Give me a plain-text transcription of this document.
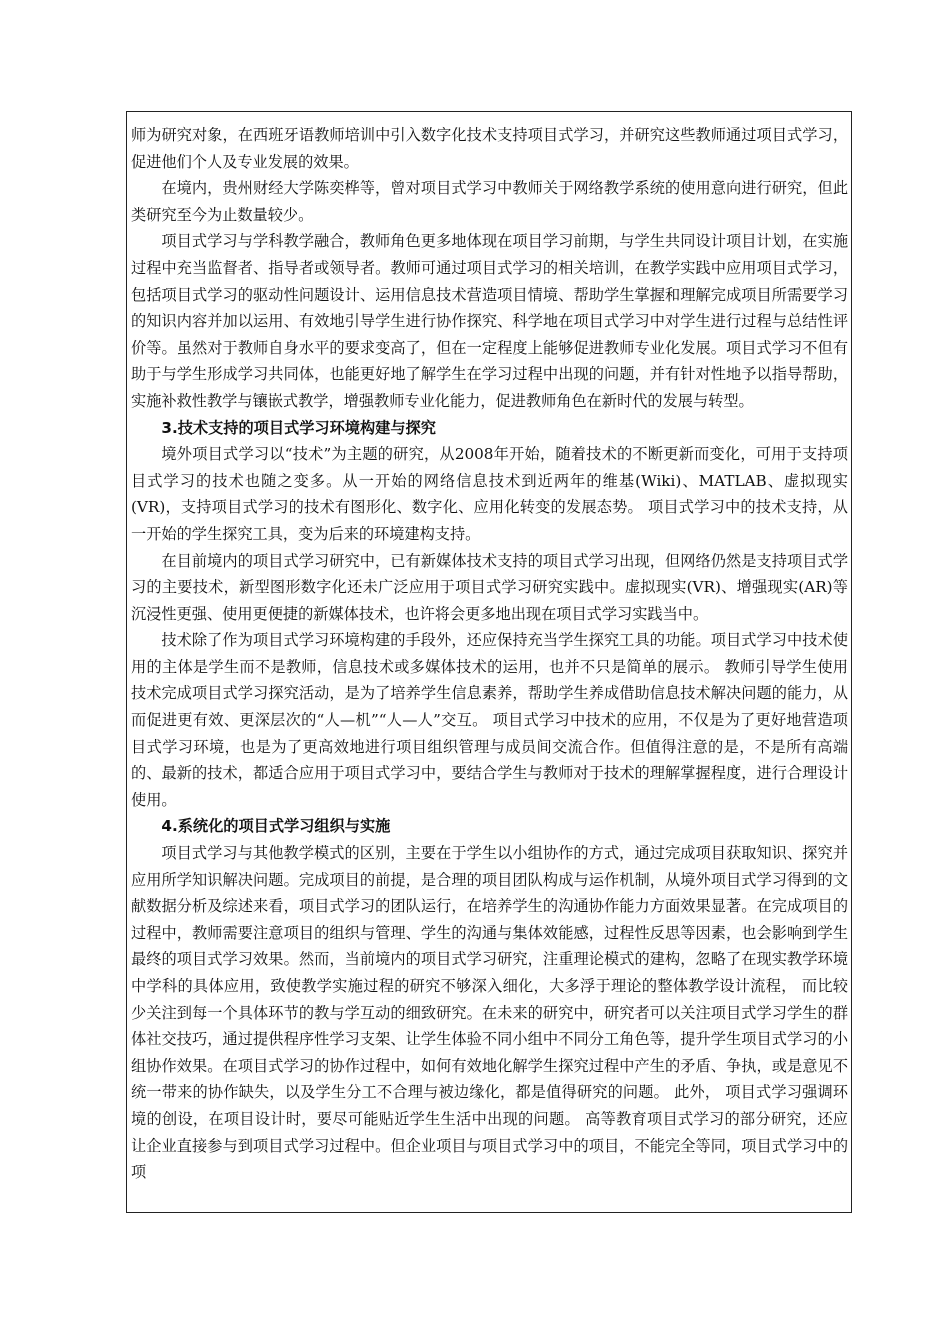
师为研究对象，在西班牙语教师培训中引入数字化技术支持项目式学习，并研究这些教师通过项目式学习，促进他们个人及专业发展的效果。

在境内，贵州财经大学陈奕桦等，曾对项目式学习中教师关于网络教学系统的使用意向进行研究，但此类研究至今为止数量较少。

项目式学习与学科教学融合，教师角色更多地体现在项目学习前期，与学生共同设计项目计划，在实施过程中充当监督者、指导者或领导者。教师可通过项目式学习的相关培训，在教学实践中应用项目式学习，包括项目式学习的驱动性问题设计、运用信息技术营造项目情境、帮助学生掌握和理解完成项目所需要学习的知识内容并加以运用、有效地引导学生进行协作探究、科学地在项目式学习中对学生进行过程与总结性评价等。虽然对于教师自身水平的要求变高了，但在一定程度上能够促进教师专业化发展。项目式学习不但有助于与学生形成学习共同体，也能更好地了解学生在学习过程中出现的问题，并有针对性地予以指导帮助，实施补救性教学与镶嵌式教学，增强教师专业化能力，促进教师角色在新时代的发展与转型。

3.技术支持的项目式学习环境构建与探究

境外项目式学习以“技术”为主题的研究，从2008年开始，随着技术的不断更新而变化，可用于支持项目式学习的技术也随之变多。从一开始的网络信息技术到近两年的维基(Wiki)、MATLAB、虚拟现实(VR)，支持项目式学习的技术有图形化、数字化、应用化转变的发展态势。 项目式学习中的技术支持，从一开始的学生探究工具，变为后来的环境建构支持。

在目前境内的项目式学习研究中，已有新媒体技术支持的项目式学习出现，但网络仍然是支持项目式学习的主要技术，新型图形数字化还未广泛应用于项目式学习研究实践中。虚拟现实(VR)、增强现实(AR)等沉浸性更强、使用更便捷的新媒体技术，也许将会更多地出现在项目式学习实践当中。

技术除了作为项目式学习环境构建的手段外，还应保持充当学生探究工具的功能。项目式学习中技术使用的主体是学生而不是教师，信息技术或多媒体技术的运用，也并不只是简单的展示。 教师引导学生使用技术完成项目式学习探究活动，是为了培养学生信息素养，帮助学生养成借助信息技术解决问题的能力，从而促进更有效、更深层次的“人—机”“人—人”交互。 项目式学习中技术的应用，不仅是为了更好地营造项目式学习环境，也是为了更高效地进行项目组织管理与成员间交流合作。但值得注意的是，不是所有高端的、最新的技术，都适合应用于项目式学习中，要结合学生与教师对于技术的理解掌握程度，进行合理设计使用。

4.系统化的项目式学习组织与实施

项目式学习与其他教学模式的区别，主要在于学生以小组协作的方式，通过完成项目获取知识、探究并应用所学知识解决问题。完成项目的前提，是合理的项目团队构成与运作机制，从境外项目式学习得到的文献数据分析及综述来看，项目式学习的团队运行，在培养学生的沟通协作能力方面效果显著。在完成项目的过程中，教师需要注意项目的组织与管理、学生的沟通与集体效能感，过程性反思等因素，也会影响到学生最终的项目式学习效果。然而，当前境内的项目式学习研究，注重理论模式的建构，忽略了在现实教学环境中学科的具体应用，致使教学实施过程的研究不够深入细化，大多浮于理论的整体教学设计流程， 而比较少关注到每一个具体环节的教与学互动的细致研究。在未来的研究中，研究者可以关注项目式学习学生的群体社交技巧，通过提供程序性学习支架、让学生体验不同小组中不同分工角色等，提升学生项目式学习的小组协作效果。在项目式学习的协作过程中，如何有效地化解学生探究过程中产生的矛盾、争执，或是意见不统一带来的协作缺失，以及学生分工不合理与被边缘化，都是值得研究的问题。 此外， 项目式学习强调环境的创设，在项目设计时，要尽可能贴近学生生活中出现的问题。 高等教育项目式学习的部分研究，还应让企业直接参与到项目式学习过程中。但企业项目与项目式学习中的项目，不能完全等同，项目式学习中的项
